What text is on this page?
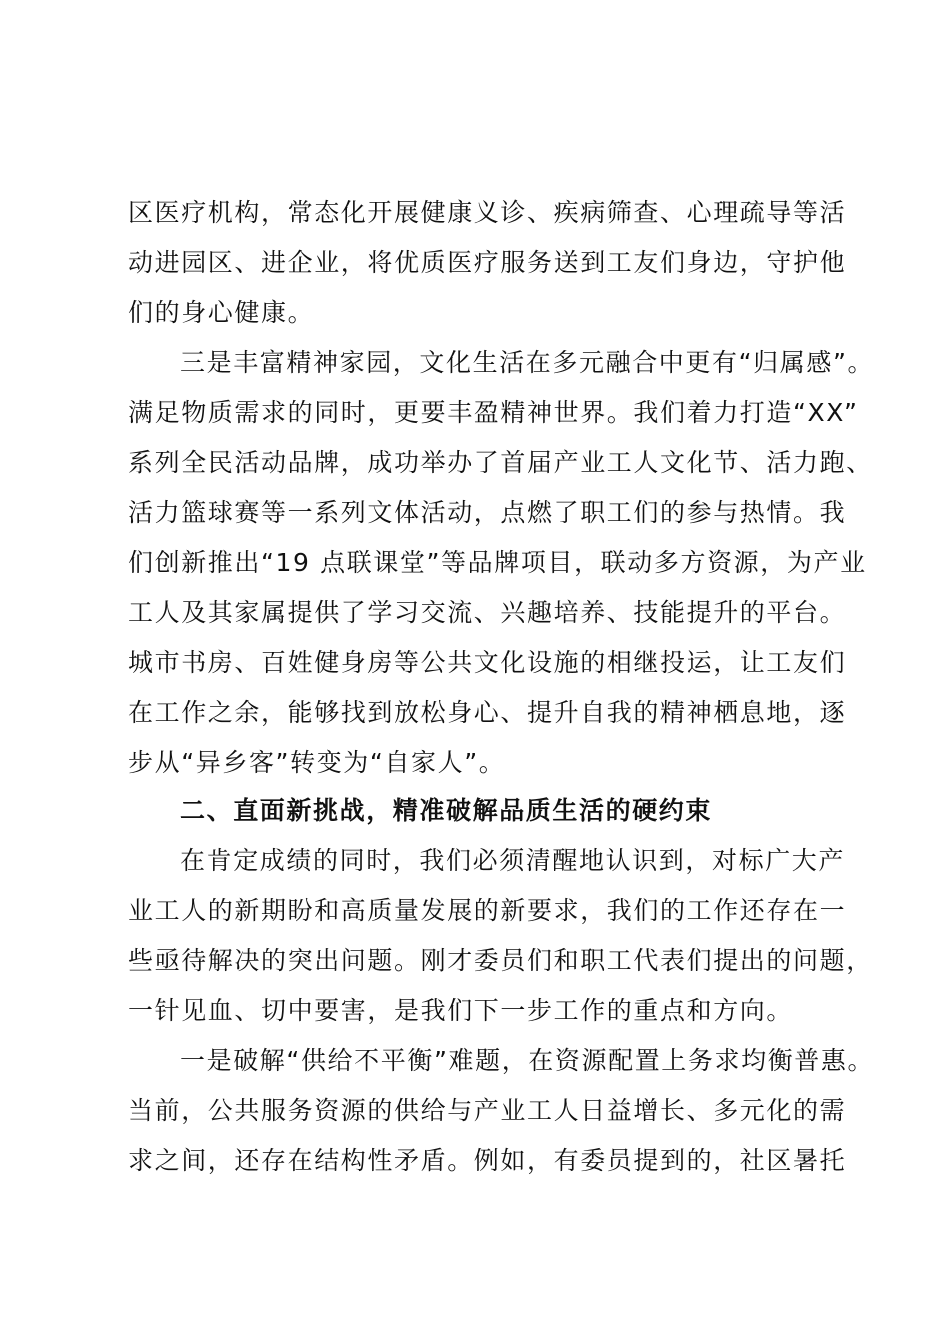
区医疗机构，常态化开展健康义诊、疾病筛查、心理疏导等活
动进园区、进企业，将优质医疗服务送到工友们身边，守护他
们的身心健康。
三是丰富精神家园，文化生活在多元融合中更有“归属感”。
满足物质需求的同时，更要丰盈精神世界。我们着力打造“XX”
系列全民活动品牌，成功举办了首届产业工人文化节、活力跑、
活力篮球赛等一系列文体活动，点燃了职工们的参与热情。我
们创新推出“19 点联课堂”等品牌项目，联动多方资源，为产业
工人及其家属提供了学习交流、兴趣培养、技能提升的平台。
城市书房、百姓健身房等公共文化设施的相继投运，让工友们
在工作之余，能够找到放松身心、提升自我的精神栖息地，逐
步从“异乡客”转变为“自家人”。
二、直面新挑战，精准破解品质生活的硬约束
在肯定成绩的同时，我们必须清醒地认识到，对标广大产
业工人的新期盼和高质量发展的新要求，我们的工作还存在一
些亟待解决的突出问题。刚才委员们和职工代表们提出的问题，
一针见血、切中要害，是我们下一步工作的重点和方向。
一是破解“供给不平衡”难题，在资源配置上务求均衡普惠。
当前，公共服务资源的供给与产业工人日益增长、多元化的需
求之间，还存在结构性矛盾。例如，有委员提到的，社区暑托
